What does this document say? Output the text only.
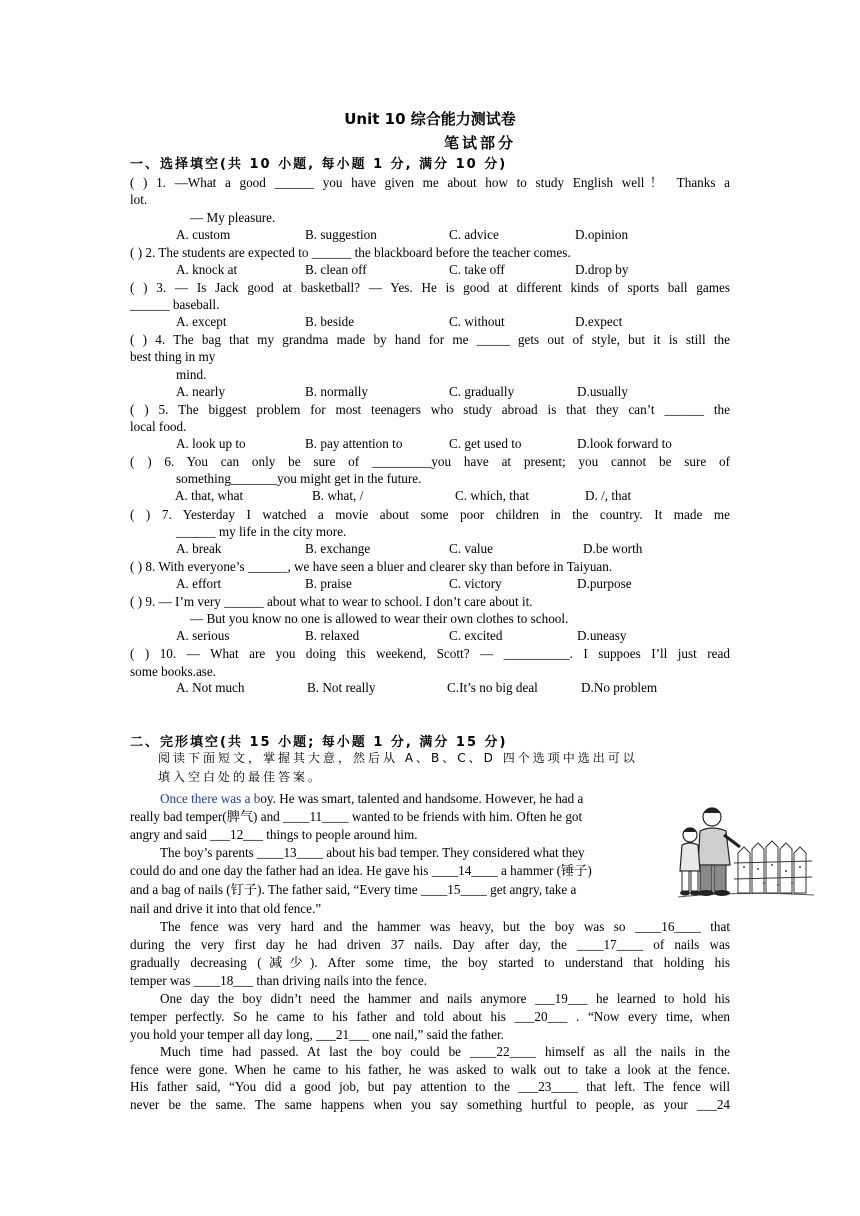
Unit 10 综合能力测试卷
笔试部分
一、选择填空(共 10 小题, 每小题 1 分, 满分 10 分)
( ) 1. —What a good ______ you have given me about how to study English well！ Thanks a
lot.
— My pleasure.
A. custom	B. suggestion	C. advice	D.opinion
( ) 2. The students are expected to ______ the blackboard before the teacher comes.
A. knock at	B. clean off	C. take off	D.drop by
( ) 3. — Is Jack good at basketball? — Yes. He is good at different kinds of sports ball games
______ baseball.
A. except	B. beside	C. without	D.expect
( ) 4. The bag that my grandma made by hand for me _____ gets out of style, but it is still the
best thing in my
mind.
A. nearly	B. normally	C. gradually	D.usually
( ) 5. The biggest problem for most teenagers who study abroad is that they can’t ______ the
local food.
A. look up to	B. pay attention to	C. get used to	D.look forward to
( ) 6. You can only be sure of _________you have at present; you cannot be sure of
something_______you might get in the future.
A. that, what	B. what, /	C. which, that	D. /, that
( ) 7. Yesterday I watched a movie about some poor children in the country. It made me
______ my life in the city more.
A. break	B. exchange	C. value	D.be worth
( ) 8. With everyone’s ______, we have seen a bluer and clearer sky than before in Taiyuan.
A. effort	B. praise	C. victory	D.purpose
( ) 9. — I’m very ______ about what to wear to school. I don’t care about it.
— But you know no one is allowed to wear their own clothes to school.
A. serious	B. relaxed	C. excited	D.uneasy
( ) 10. — What are you doing this weekend, Scott? — __________. I suppoes I’ll just read
some books.ase.
A. Not much	B. Not really	C.It’s no big deal	D.No problem
二、完形填空(共 15 小题; 每小题 1 分, 满分 15 分)
阅读下面短文，掌握其大意，然后从 A、B、C、D 四个选项中选出可以
填入空白处的最佳答案。
Once there was a boy. He was smart, talented and handsome. However, he had a
really bad temper(脾气) and ____11____ wanted to be friends with him. Often he got
angry and said ___12___ things to people around him.
The boy’s parents ____13____ about his bad temper. They considered what they
could do and one day the father had an idea. He gave his ____14____ a hammer (锤子)
and a bag of nails (钉子). The father said, “Every time ____15____ get angry, take a
nail and drive it into that old fence.”
The fence was very hard and the hammer was heavy, but the boy was so ____16____ that
during the very first day he had driven 37 nails. Day after day, the ____17____ of nails was
gradually decreasing (减少). After some time, the boy started to understand that holding his
temper was ____18___ than driving nails into the fence.
One day the boy didn’t need the hammer and nails anymore ___19___ he learned to hold his
temper perfectly. So he came to his father and told about his ___20___ . “Now every time, when
you hold your temper all day long, ___21___ one nail,” said the father.
Much time had passed. At last the boy could be ____22____ himself as all the nails in the
fence were gone. When he came to his father, he was asked to walk out to take a look at the fence.
His father said, “You did a good job, but pay attention to the ___23____ that left. The fence will
never be the same. The same happens when you say something hurtful to people, as your ___24
